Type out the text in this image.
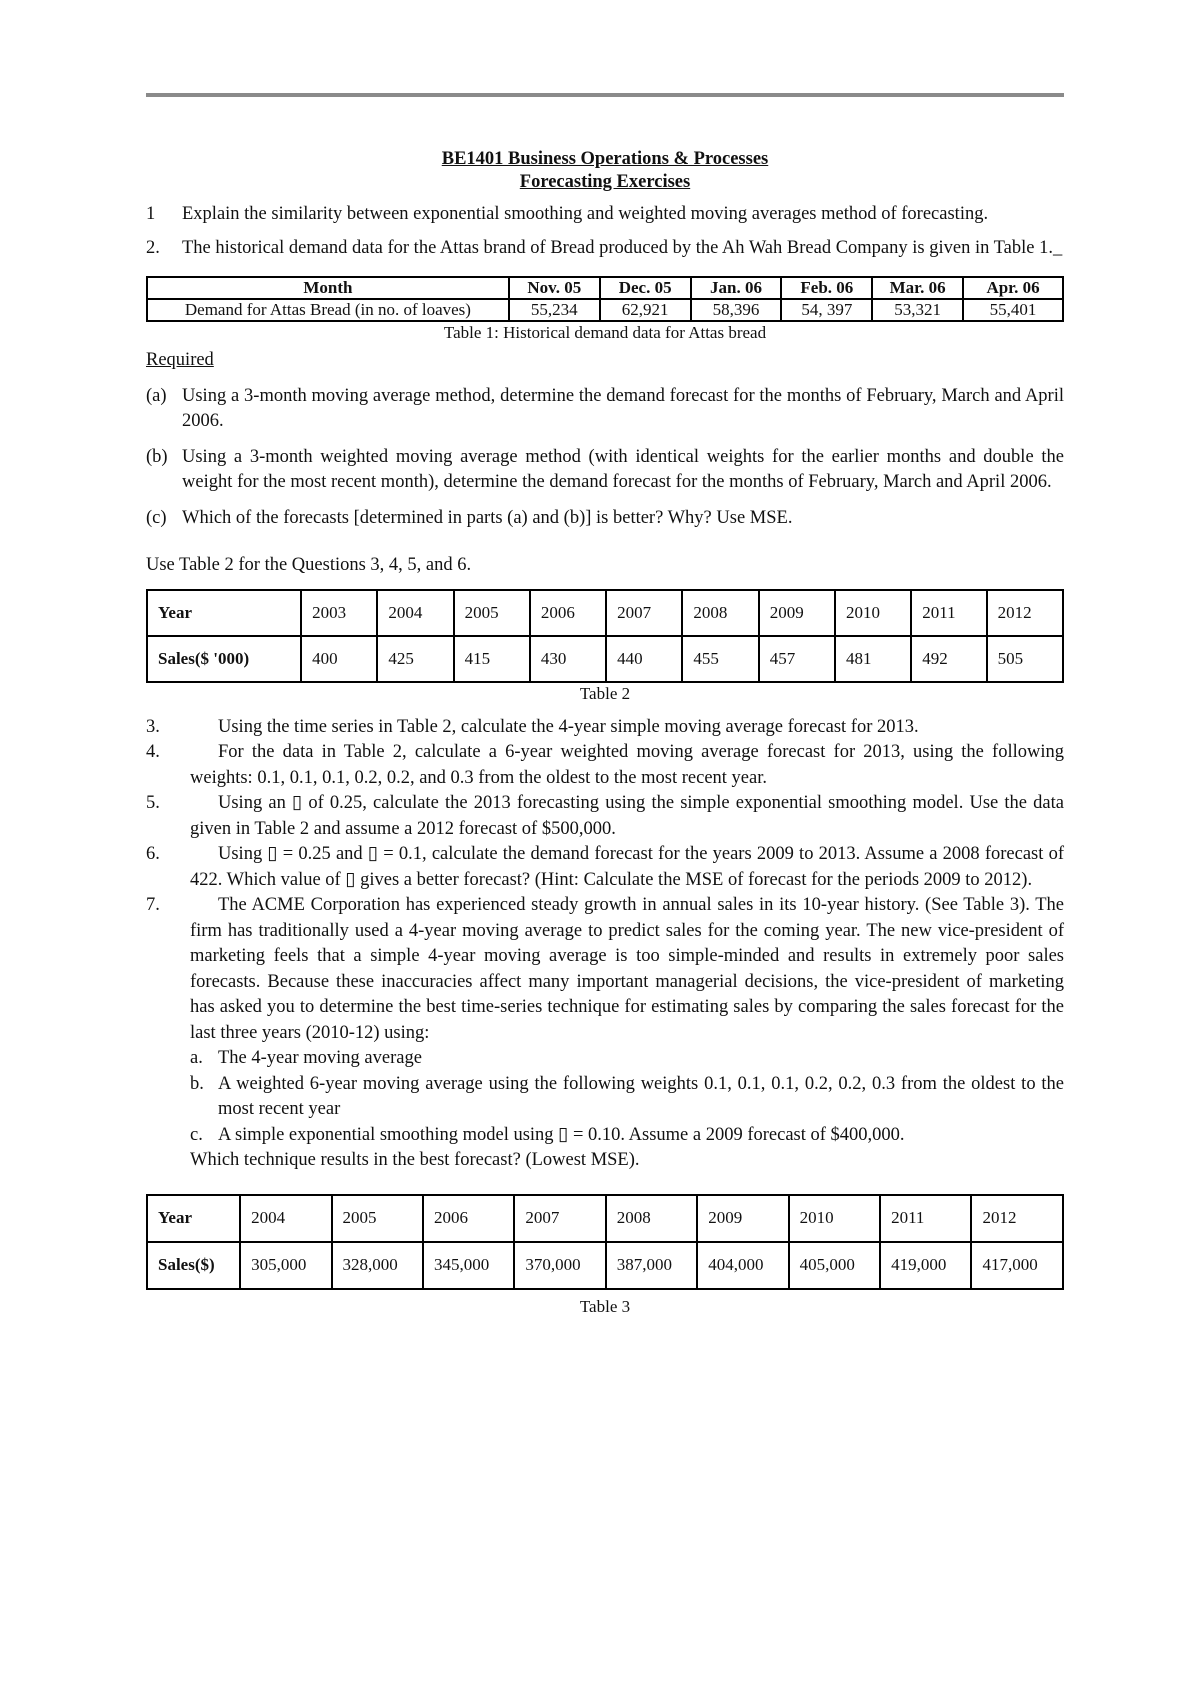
BE1401 Business Operations & Processes
Forecasting Exercises

1 Explain the similarity between exponential smoothing and weighted moving averages method of forecasting.

2. The historical demand data for the Attas brand of Bread produced by the Ah Wah Bread Company is given in Table 1._

Month	Nov. 05	Dec. 05	Jan. 06	Feb. 06	Mar. 06	Apr. 06
Demand for Attas Bread (in no. of loaves)	55,234	62,921	58,396	54, 397	53,321	55,401
Table 1: Historical demand data for Attas bread
Required

(a) Using a 3-month moving average method, determine the demand forecast for the months of February, March and April 2006.

(b) Using a 3-month weighted moving average method (with identical weights for the earlier months and double the weight for the most recent month), determine the demand forecast for the months of February, March and April 2006.

(c) Which of the forecasts [determined in parts (a) and (b)] is better? Why? Use MSE.

Use Table 2 for the Questions 3, 4, 5, and 6.
Year	2003	2004	2005	2006	2007	2008	2009	2010	2011	2012
Sales($ '000)	400	425	415	430	440	455	457	481	492	505
Table 2

3.	Using the time series in Table 2, calculate the 4-year simple moving average forecast for 2013.

4.	For the data in Table 2, calculate a 6-year weighted moving average forecast for 2013, using the following weights: 0.1, 0.1, 0.1, 0.2, 0.2, and 0.3 from the oldest to the most recent year.

5.	Using an ▯ of 0.25, calculate the 2013 forecasting using the simple exponential smoothing model. Use the data given in Table 2 and assume a 2012 forecast of $500,000.

6.	Using ▯ = 0.25 and ▯ = 0.1, calculate the demand forecast for the years 2009 to 2013. Assume a 2008 forecast of 422. Which value of ▯ gives a better forecast? (Hint: Calculate the MSE of forecast for the periods 2009 to 2012).

7.	The ACME Corporation has experienced steady growth in annual sales in its 10-year history. (See Table 3). The firm has traditionally used a 4-year moving average to predict sales for the coming year. The new vice-president of marketing feels that a simple 4-year moving average is too simple-minded and results in extremely poor sales forecasts. Because these inaccuracies affect many important managerial decisions, the vice-president of marketing has asked you to determine the best time-series technique for estimating sales by comparing the sales forecast for the last three years (2010-12) using:

a. The 4-year moving average
b. A weighted 6-year moving average using the following weights 0.1, 0.1, 0.1, 0.2, 0.2, 0.3 from the oldest to the most recent year
c. A simple exponential smoothing model using ▯ = 0.10. Assume a 2009 forecast of $400,000.
Which technique results in the best forecast? (Lowest MSE).
Year	2004	2005	2006	2007	2008	2009	2010	2011	2012
Sales($)	305,000	328,000	345,000	370,000	387,000	404,000	405,000	419,000	417,000
Table 3
